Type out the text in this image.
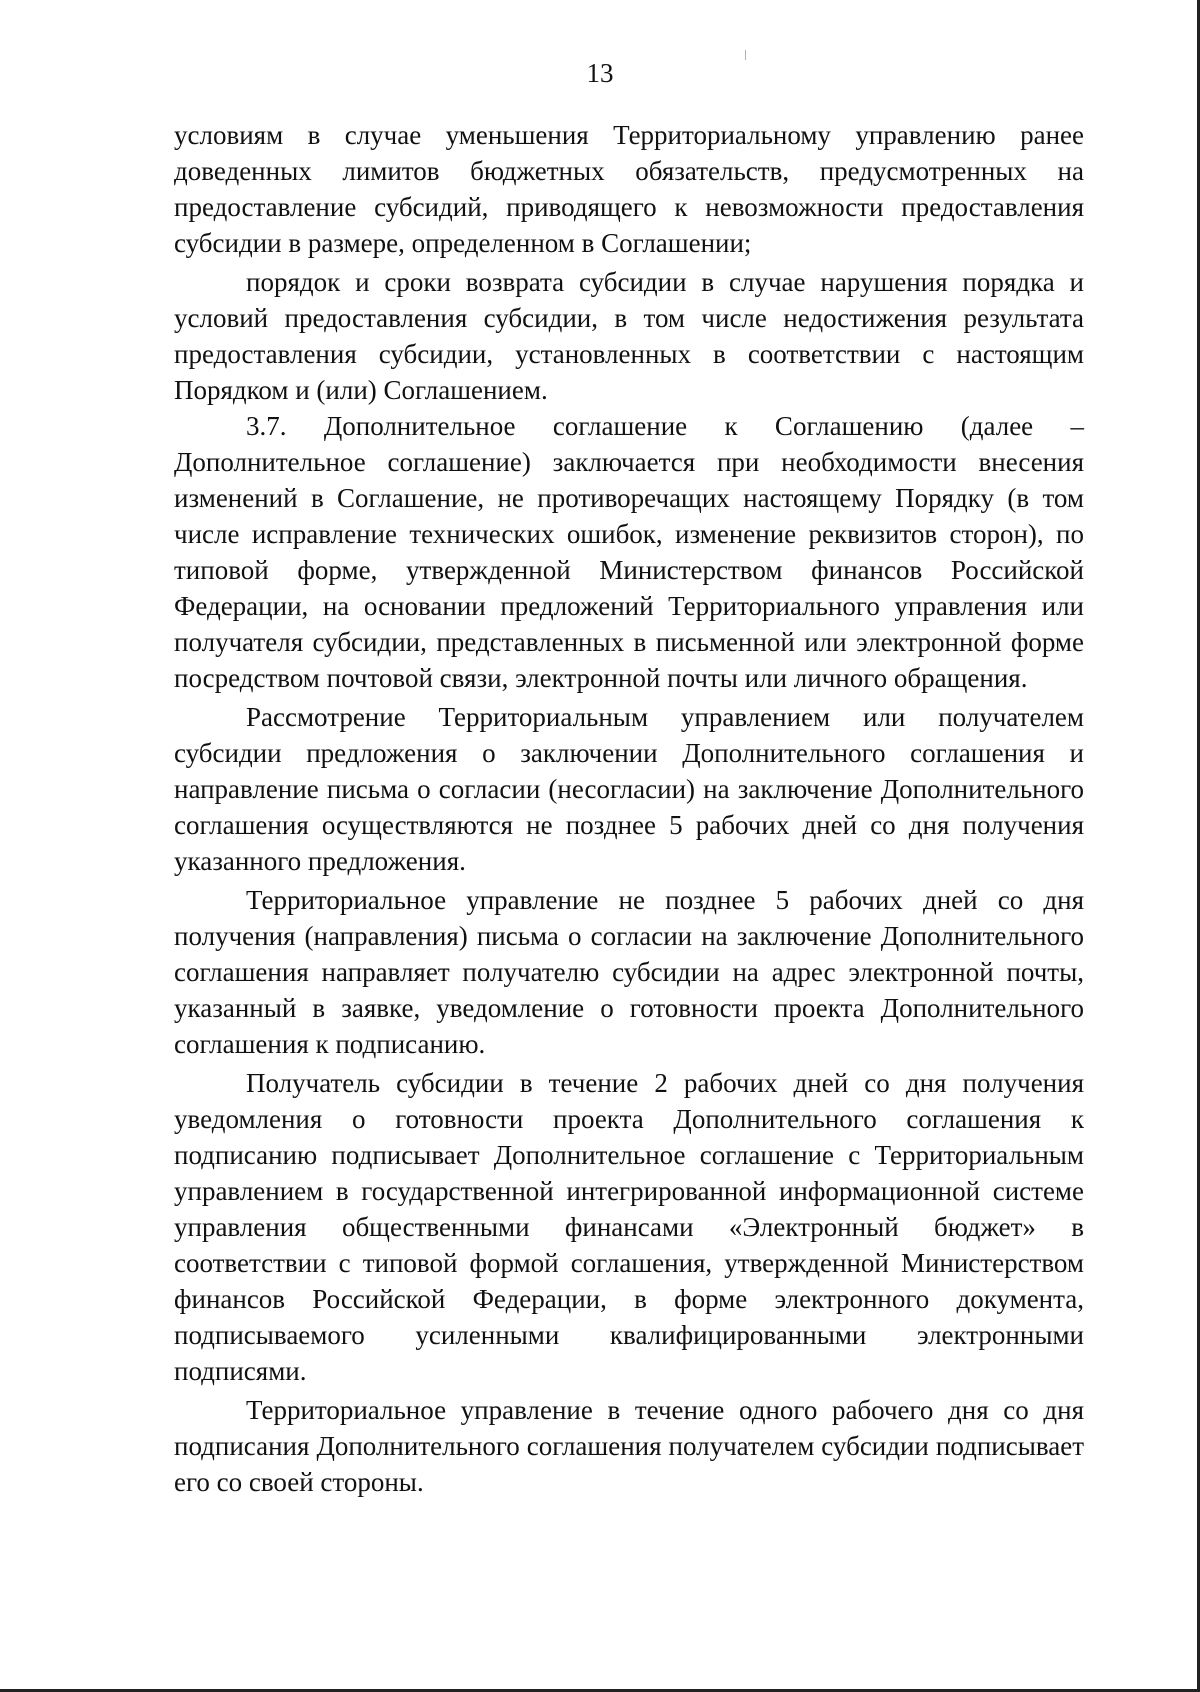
13

условиям в случае уменьшения Территориальному управлению ранее доведенных лимитов бюджетных обязательств, предусмотренных на предоставление субсидий, приводящего к невозможности предоставления субсидии в размере, определенном в Соглашении;

порядок и сроки возврата субсидии в случае нарушения порядка и условий предоставления субсидии, в том числе недостижения результата предоставления субсидии, установленных в соответствии с настоящим Порядком и (или) Соглашением.

3.7. Дополнительное соглашение к Соглашению (далее – Дополнительное соглашение) заключается при необходимости внесения изменений в Соглашение, не противоречащих настоящему Порядку (в том числе исправление технических ошибок, изменение реквизитов сторон), по типовой форме, утвержденной Министерством финансов Российской Федерации, на основании предложений Территориального управления или получателя субсидии, представленных в письменной или электронной форме посредством почтовой связи, электронной почты или личного обращения.

Рассмотрение Территориальным управлением или получателем субсидии предложения о заключении Дополнительного соглашения и направление письма о согласии (несогласии) на заключение Дополнительного соглашения осуществляются не позднее 5 рабочих дней со дня получения указанного предложения.

Территориальное управление не позднее 5 рабочих дней со дня получения (направления) письма о согласии на заключение Дополнительного соглашения направляет получателю субсидии на адрес электронной почты, указанный в заявке, уведомление о готовности проекта Дополнительного соглашения к подписанию.

Получатель субсидии в течение 2 рабочих дней со дня получения уведомления о готовности проекта Дополнительного соглашения к подписанию подписывает Дополнительное соглашение с Территориальным управлением в государственной интегрированной информационной системе управления общественными финансами «Электронный бюджет» в соответствии с типовой формой соглашения, утвержденной Министерством финансов Российской Федерации, в форме электронного документа, подписываемого усиленными квалифицированными электронными подписями.

Территориальное управление в течение одного рабочего дня со дня подписания Дополнительного соглашения получателем субсидии подписывает его со своей стороны.
